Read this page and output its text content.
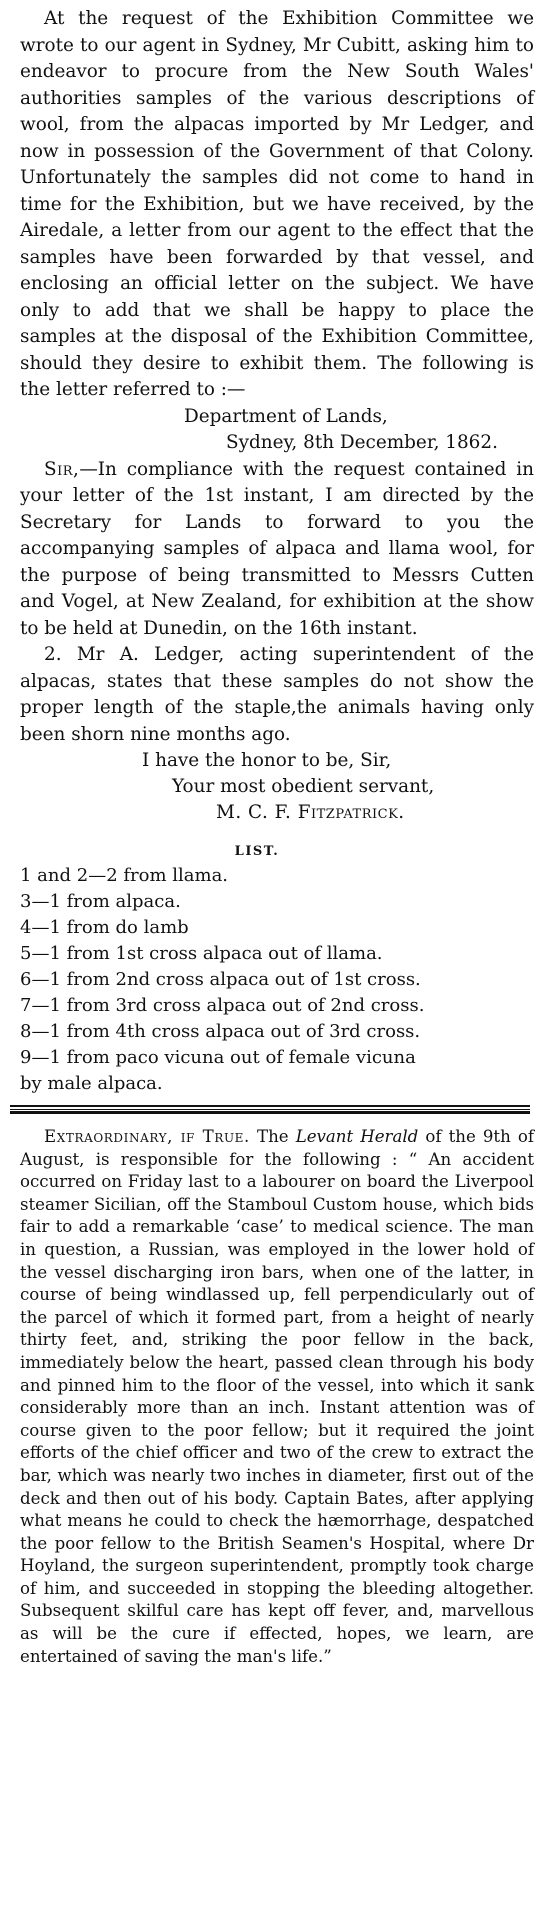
At the request of the Exhibition Committee we wrote to our agent in Sydney, Mr Cubitt, asking him to endeavor to procure from the New South Wales' authorities samples of the various descriptions of wool, from the alpacas imported by Mr Ledger, and now in possession of the Government of that Colony. Unfortunately the samples did not come to hand in time for the Exhibition, but we have received, by the Airedale, a letter from our agent to the effect that the samples have been forwarded by that vessel, and enclosing an official letter on the subject. We have only to add that we shall be happy to place the samples at the disposal of the Exhibition Committee, should they desire to exhibit them. The following is the letter referred to :—

Department of Lands,

Sydney, 8th December, 1862.

Sir,—In compliance with the request contained in your letter of the 1st instant, I am directed by the Secretary for Lands to forward to you the accompanying samples of alpaca and llama wool, for the purpose of being transmitted to Messrs Cutten and Vogel, at New Zealand, for exhibition at the show to be held at Dunedin, on the 16th instant.

2. Mr A. Ledger, acting superintendent of the alpacas, states that these samples do not show the proper length of the staple,the animals having only been shorn nine months ago.

I have the honor to be, Sir,

Your most obedient servant,

M. C. F. Fitzpatrick.

LIST.
1 and 2—2 from llama.
3—1 from alpaca.
4—1 from do lamb
5—1 from 1st cross alpaca out of llama.
6—1 from 2nd cross alpaca out of 1st cross.
7—1 from 3rd cross alpaca out of 2nd cross.
8—1 from 4th cross alpaca out of 3rd cross.
9—1 from paco vicuna out of female vicuna
by male alpaca.

Extraordinary, if True. The Levant Herald of the 9th of August, is responsible for the following : “ An accident occurred on Friday last to a labourer on board the Liverpool steamer Sicilian, off the Stamboul Custom house, which bids fair to add a remarkable ‘case’ to medical science. The man in question, a Russian, was employed in the lower hold of the vessel discharging iron bars, when one of the latter, in course of being windlassed up, fell perpendicularly out of the parcel of which it formed part, from a height of nearly thirty feet, and, striking the poor fellow in the back, immediately below the heart, passed clean through his body and pinned him to the floor of the vessel, into which it sank considerably more than an inch. Instant attention was of course given to the poor fellow; but it required the joint efforts of the chief officer and two of the crew to extract the bar, which was nearly two inches in diameter, first out of the deck and then out of his body. Captain Bates, after applying what means he could to check the hæmorrhage, despatched the poor fellow to the British Seamen's Hospital, where Dr Hoyland, the surgeon superintendent, promptly took charge of him, and succeeded in stopping the bleeding altogether. Subsequent skilful care has kept off fever, and, marvellous as will be the cure if effected, hopes, we learn, are entertained of saving the man's life.”
